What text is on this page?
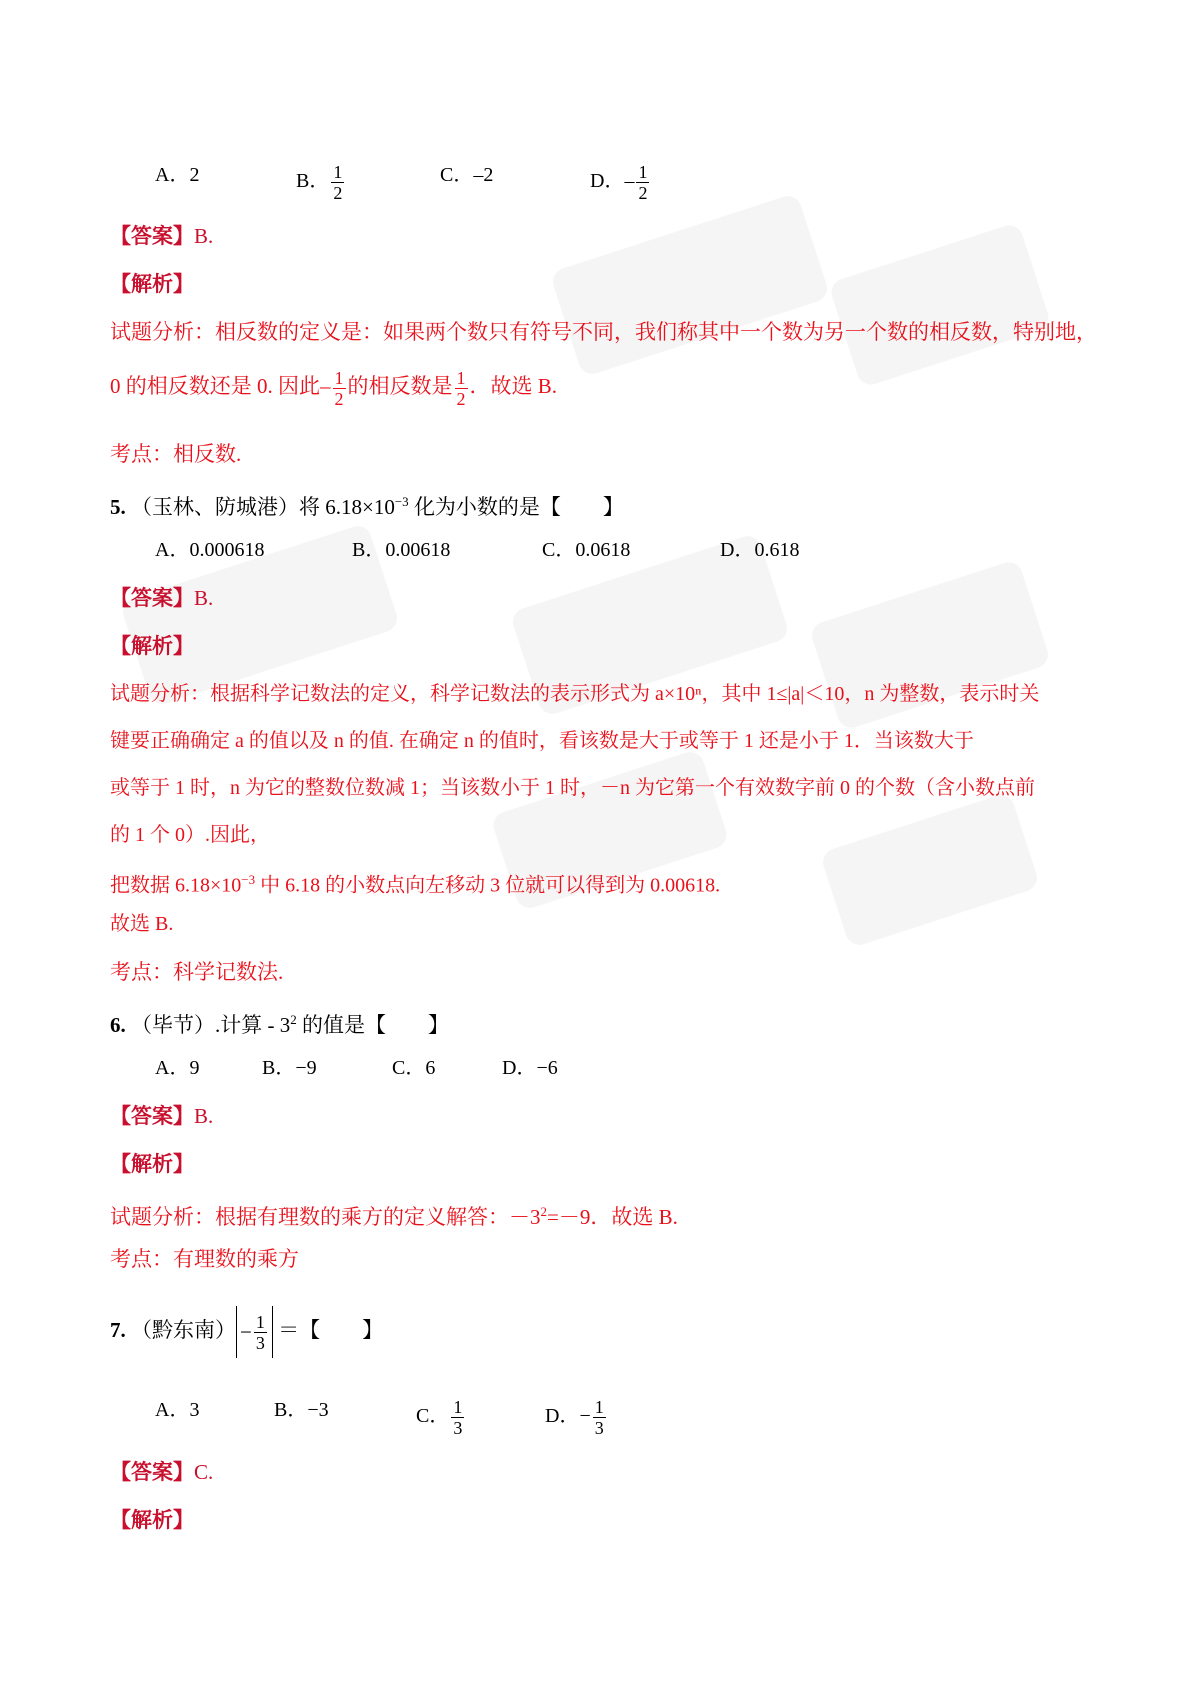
A．2	B． $\frac{1}{2}$	C．–2	D．– $\frac{1}{2}$
【答案】B.
【解析】
试题分析：相反数的定义是：如果两个数只有符号不同，我们称其中一个数为另一个数的相反数，特别地，
0 的相反数还是 0. 因此– $\frac{1}{2}$ 的相反数是 $\frac{1}{2}$ ．故选 B.
考点：相反数.
5. （玉林、防城港）将 $6.18\times 10^{-3}$ 化为小数的是【　　】
A．0.000618	B．0.00618	C．0.0618	D．0.618
【答案】B.
【解析】
试题分析：根据科学记数法的定义，科学记数法的表示形式为 a×10ⁿ，其中 1≤|a|＜10，n 为整数，表示时关
键要正确确定 a 的值以及 n 的值. 在确定 n 的值时，看该数是大于或等于 1 还是小于 1．当该数大于
或等于 1 时，n 为它的整数位数减 1；当该数小于 1 时，－n 为它第一个有效数字前 0 的个数（含小数点前
的 1 个 0）.因此，
把数据 $6.18\times 10^{-3}$ 中 6.18 的小数点向左移动 3 位就可以得到为 0.00618.
故选 B.
考点：科学记数法.
6. （毕节）.计算 - $3^2$ 的值是【　　】
A．9	B．−9	C．6	D．−6
【答案】B.
【解析】
试题分析：根据有理数的乘方的定义解答：$-3^2=-9$．故选 B.
考点：有理数的乘方
7. （黔东南） − $\frac{1}{3}$ ＝【　　】
A．3	B．−3	C． $\frac{1}{3}$	D．− $\frac{1}{3}$
【答案】C.
【解析】
